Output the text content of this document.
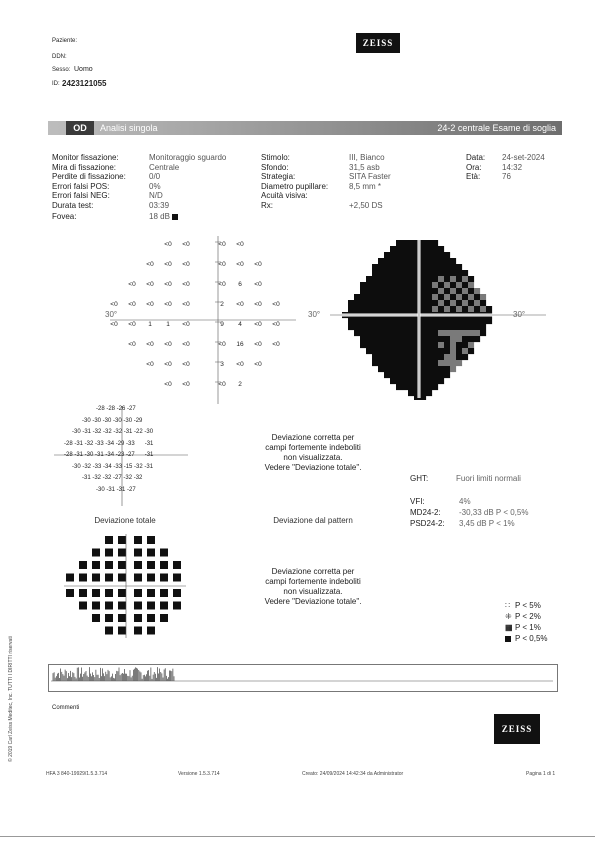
Paziente:
DDN:
Sesso: Uomo
ID: 2423121055
ZEISS
OD	Analisi singola	24-2 centrale Esame di soglia
Monitor fissazione:	Monitoraggio sguardo
Mira di fissazione:	Centrale
Perdite di fissazione:	0/0
Errori falsi POS:	0%
Errori falsi NEG:	N/D
Durata test:	03:39
Fovea:	18 dB
Stimolo:	III, Bianco
Sfondo:	31,5 asb
Strategia:	SITA Faster
Diametro pupillare:	8,5 mm *
Acuità visiva:
Rx:	+2,50 DS
Data: 24-set-2024
Ora:	14:32
Età:	76
<0 <0	<0 <0
<0 <0 <0	<0 <0 <0
<0 <0 <0 <0	<0 6 <0
<0 <0 <0 <0 <0	2 <0 <0 <0
<0 <0 1 1 <0	9 4 <0 <0
<0 <0 <0 <0	<0 16 <0 <0
<0 <0 <0	3 <0 <0
<0 <0	<0 2
30°	30°	30°
-28 -28 -26 -27
-30 -30 -30 -30 -30 -29
-30 -31 -32 -32 -32 -31 -22 -30
-28 -31 -32 -33 -34 -29 -33      -31
-28 -31 -30 -31 -34 -23 -27      -31
-30 -32 -33 -34 -33 -15 -32 -31
-31 -32 -32 -27 -32 -32
-30 -31 -31 -27
Deviazione totale
Deviazione corretta per
campi fortemente indeboliti
non visualizzata.
Vedere "Deviazione totale".
Deviazione dal pattern
Deviazione corretta per
campi fortemente indeboliti
non visualizzata.
Vedere "Deviazione totale".
GHT:	Fuori limiti normali
VFI:	4%
MD24-2: -30,33 dB P < 0,5%
PSD24-2: 3,45 dB P < 1%
∷ P < 5%
⁜ P < 2%
▦ P < 1%
P < 0,5%
Commenti
ZEISS
© 2019 Carl Zeiss Meditec, Inc. TUTTI I DIRITTI riservati
HFA 3 840-19929/1.5.3.714	Versione 1.5.3.714	Creato: 24/09/2024 14:42:34 da Administrator	Pagina 1 di 1
